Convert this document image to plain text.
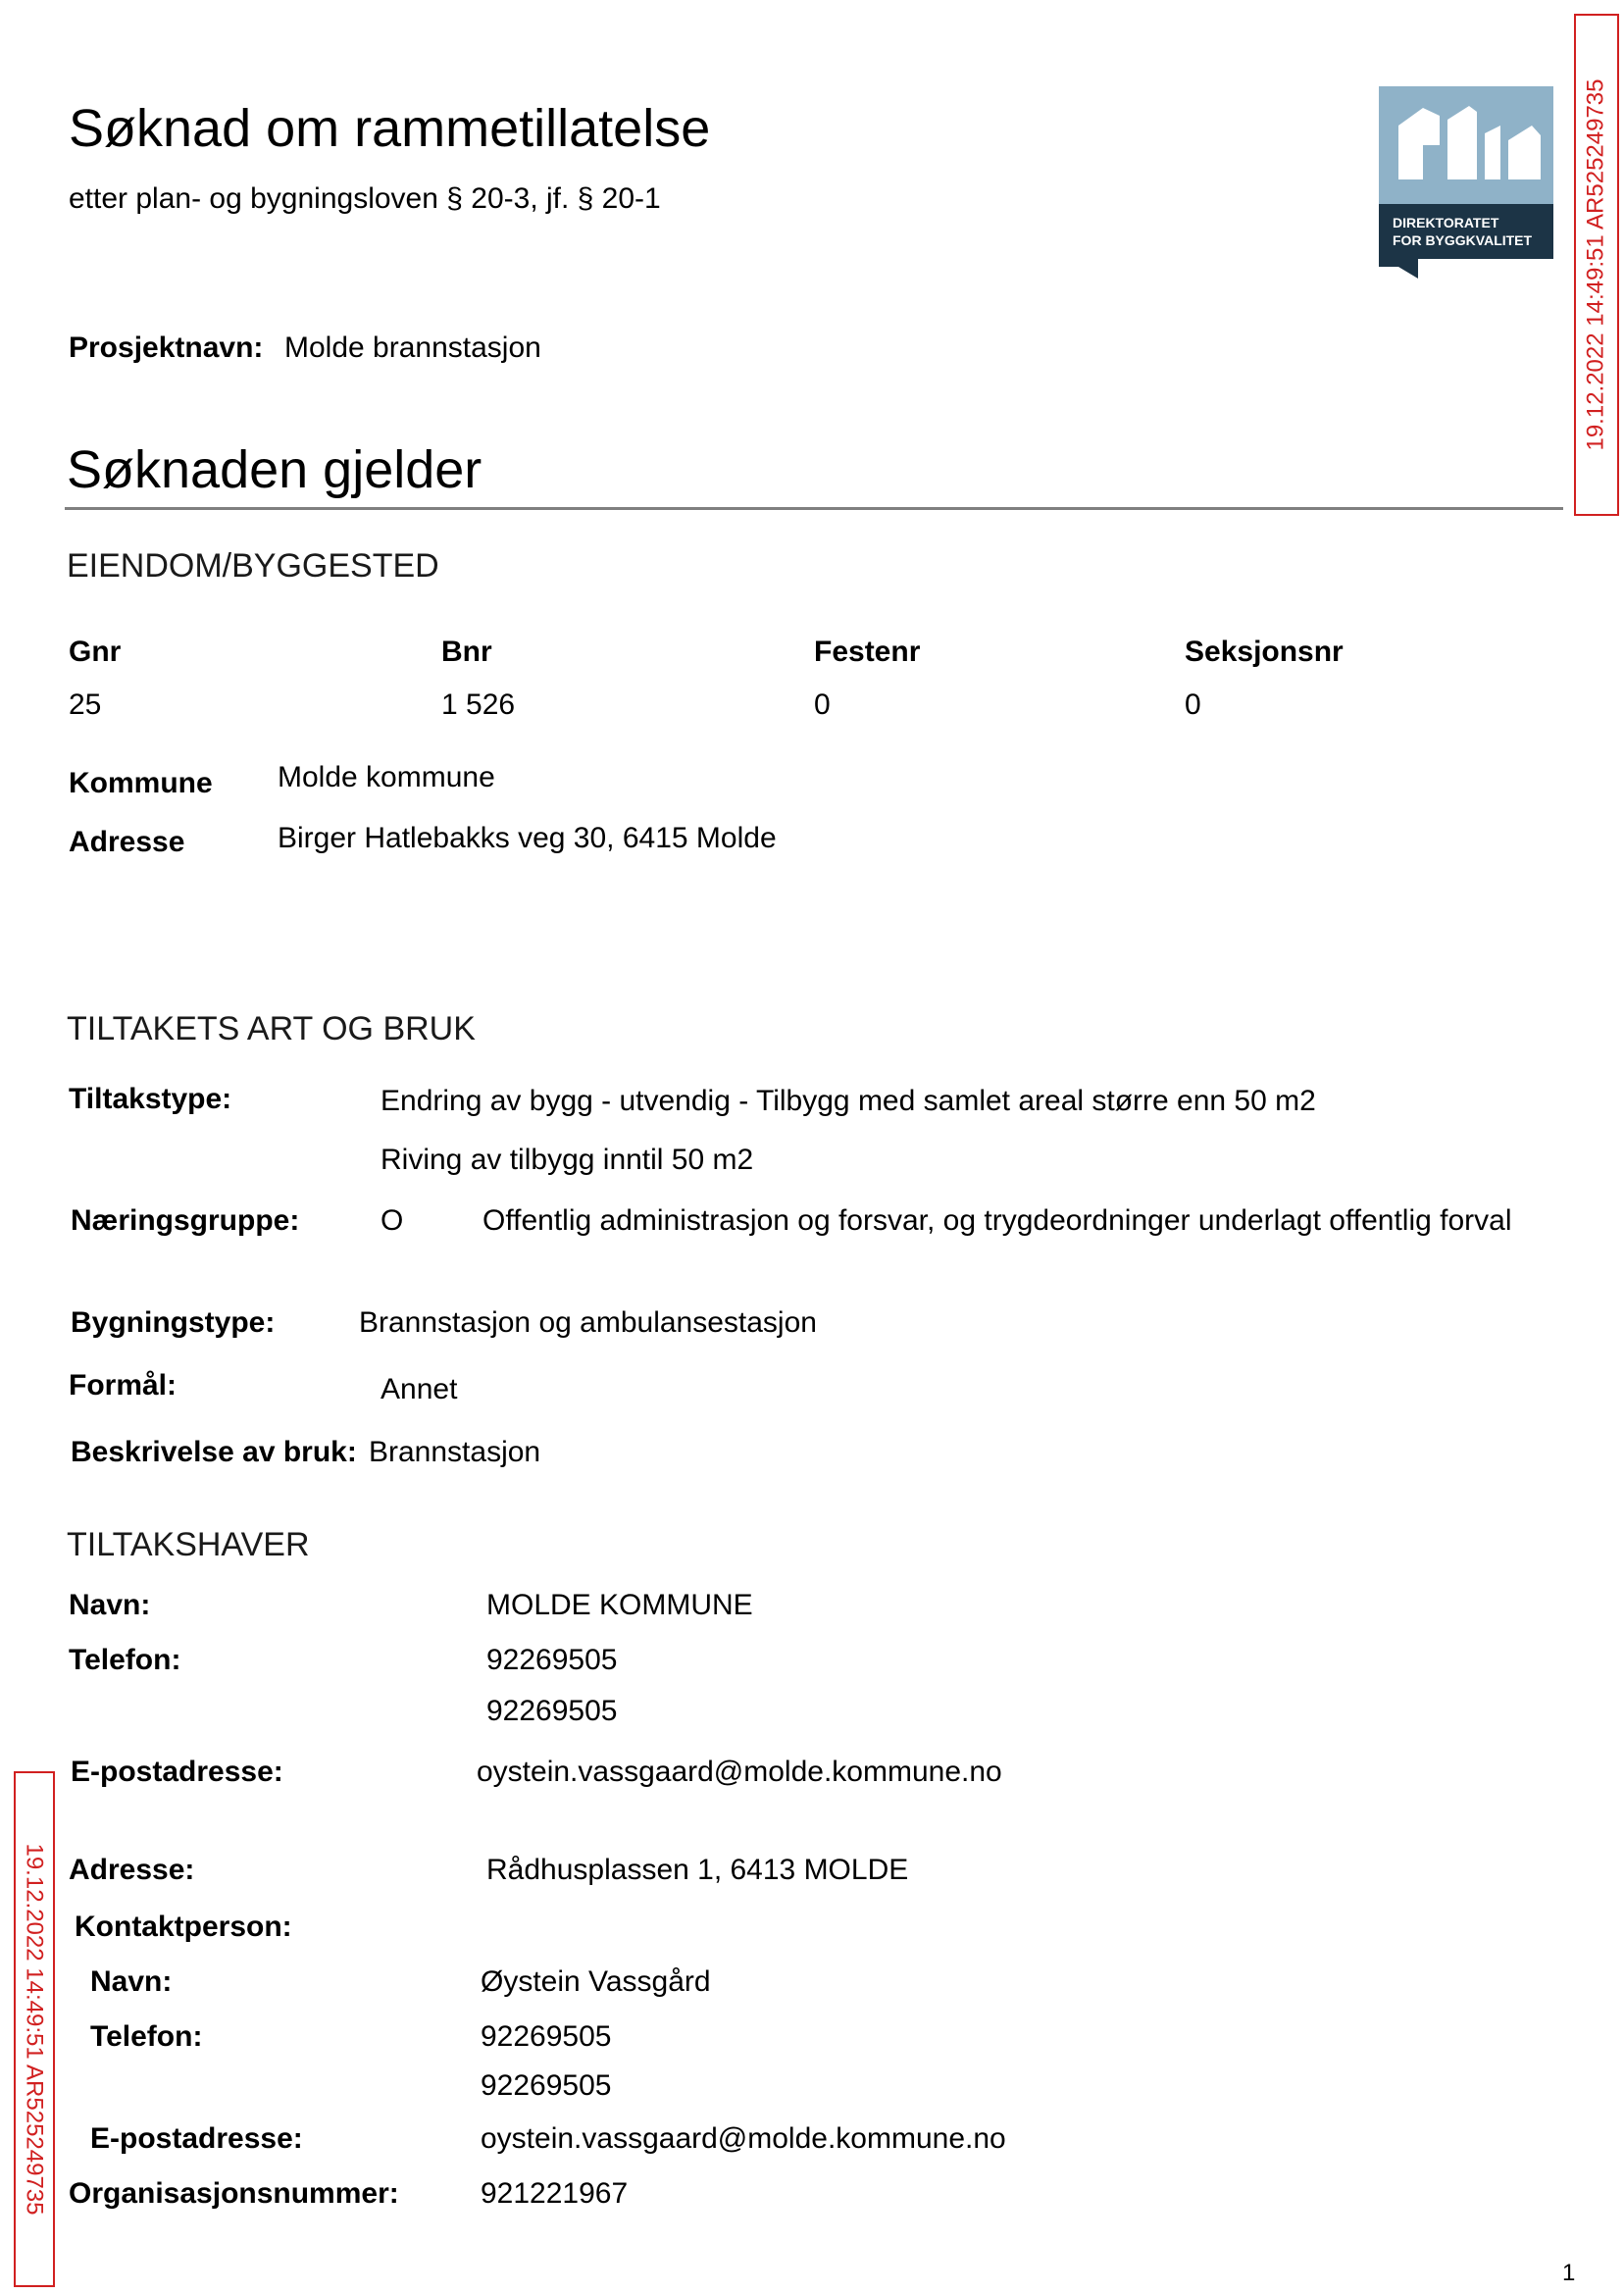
Søknad om rammetillatelse
etter plan- og bygningsloven § 20-3, jf. § 20-1
DIREKTORATET
FOR BYGGKVALITET 19.12.2022 14:49:51 AR525249735
Prosjektnavn: Molde brannstasjon
Søknaden gjelder
EIENDOM/BYGGESTED
Gnr	Bnr	Festenr	Seksjonsnr
25	1 526	0	0
Kommune Molde kommune
Adresse	Birger Hatlebakks veg 30, 6415 Molde
TILTAKETS ART OG BRUK
Tiltakstype:	Endring av bygg - utvendig - Tilbygg med samlet areal større enn 50 m2
Riving av tilbygg inntil 50 m2
Næringsgruppe:	O	Offentlig administrasjon og forsvar, og trygdeordninger underlagt offentlig forval
Bygningstype:	Brannstasjon og ambulansestasjon
Formål:	Annet
Beskrivelse av bruk: Brannstasjon
TILTAKSHAVER
Navn:	MOLDE KOMMUNE
Telefon:	92269505
92269505
E-postadresse:	oystein.vassgaard@molde.kommune.no
Adresse:	Rådhusplassen 1, 6413 MOLDE
Kontaktperson:
Navn:	Øystein Vassgård
Telefon:	92269505
92269505
E-postadresse:	oystein.vassgaard@molde.kommune.no
Organisasjonsnummer:	921221967
19.12.2022 14:49:51 AR525249735
1
